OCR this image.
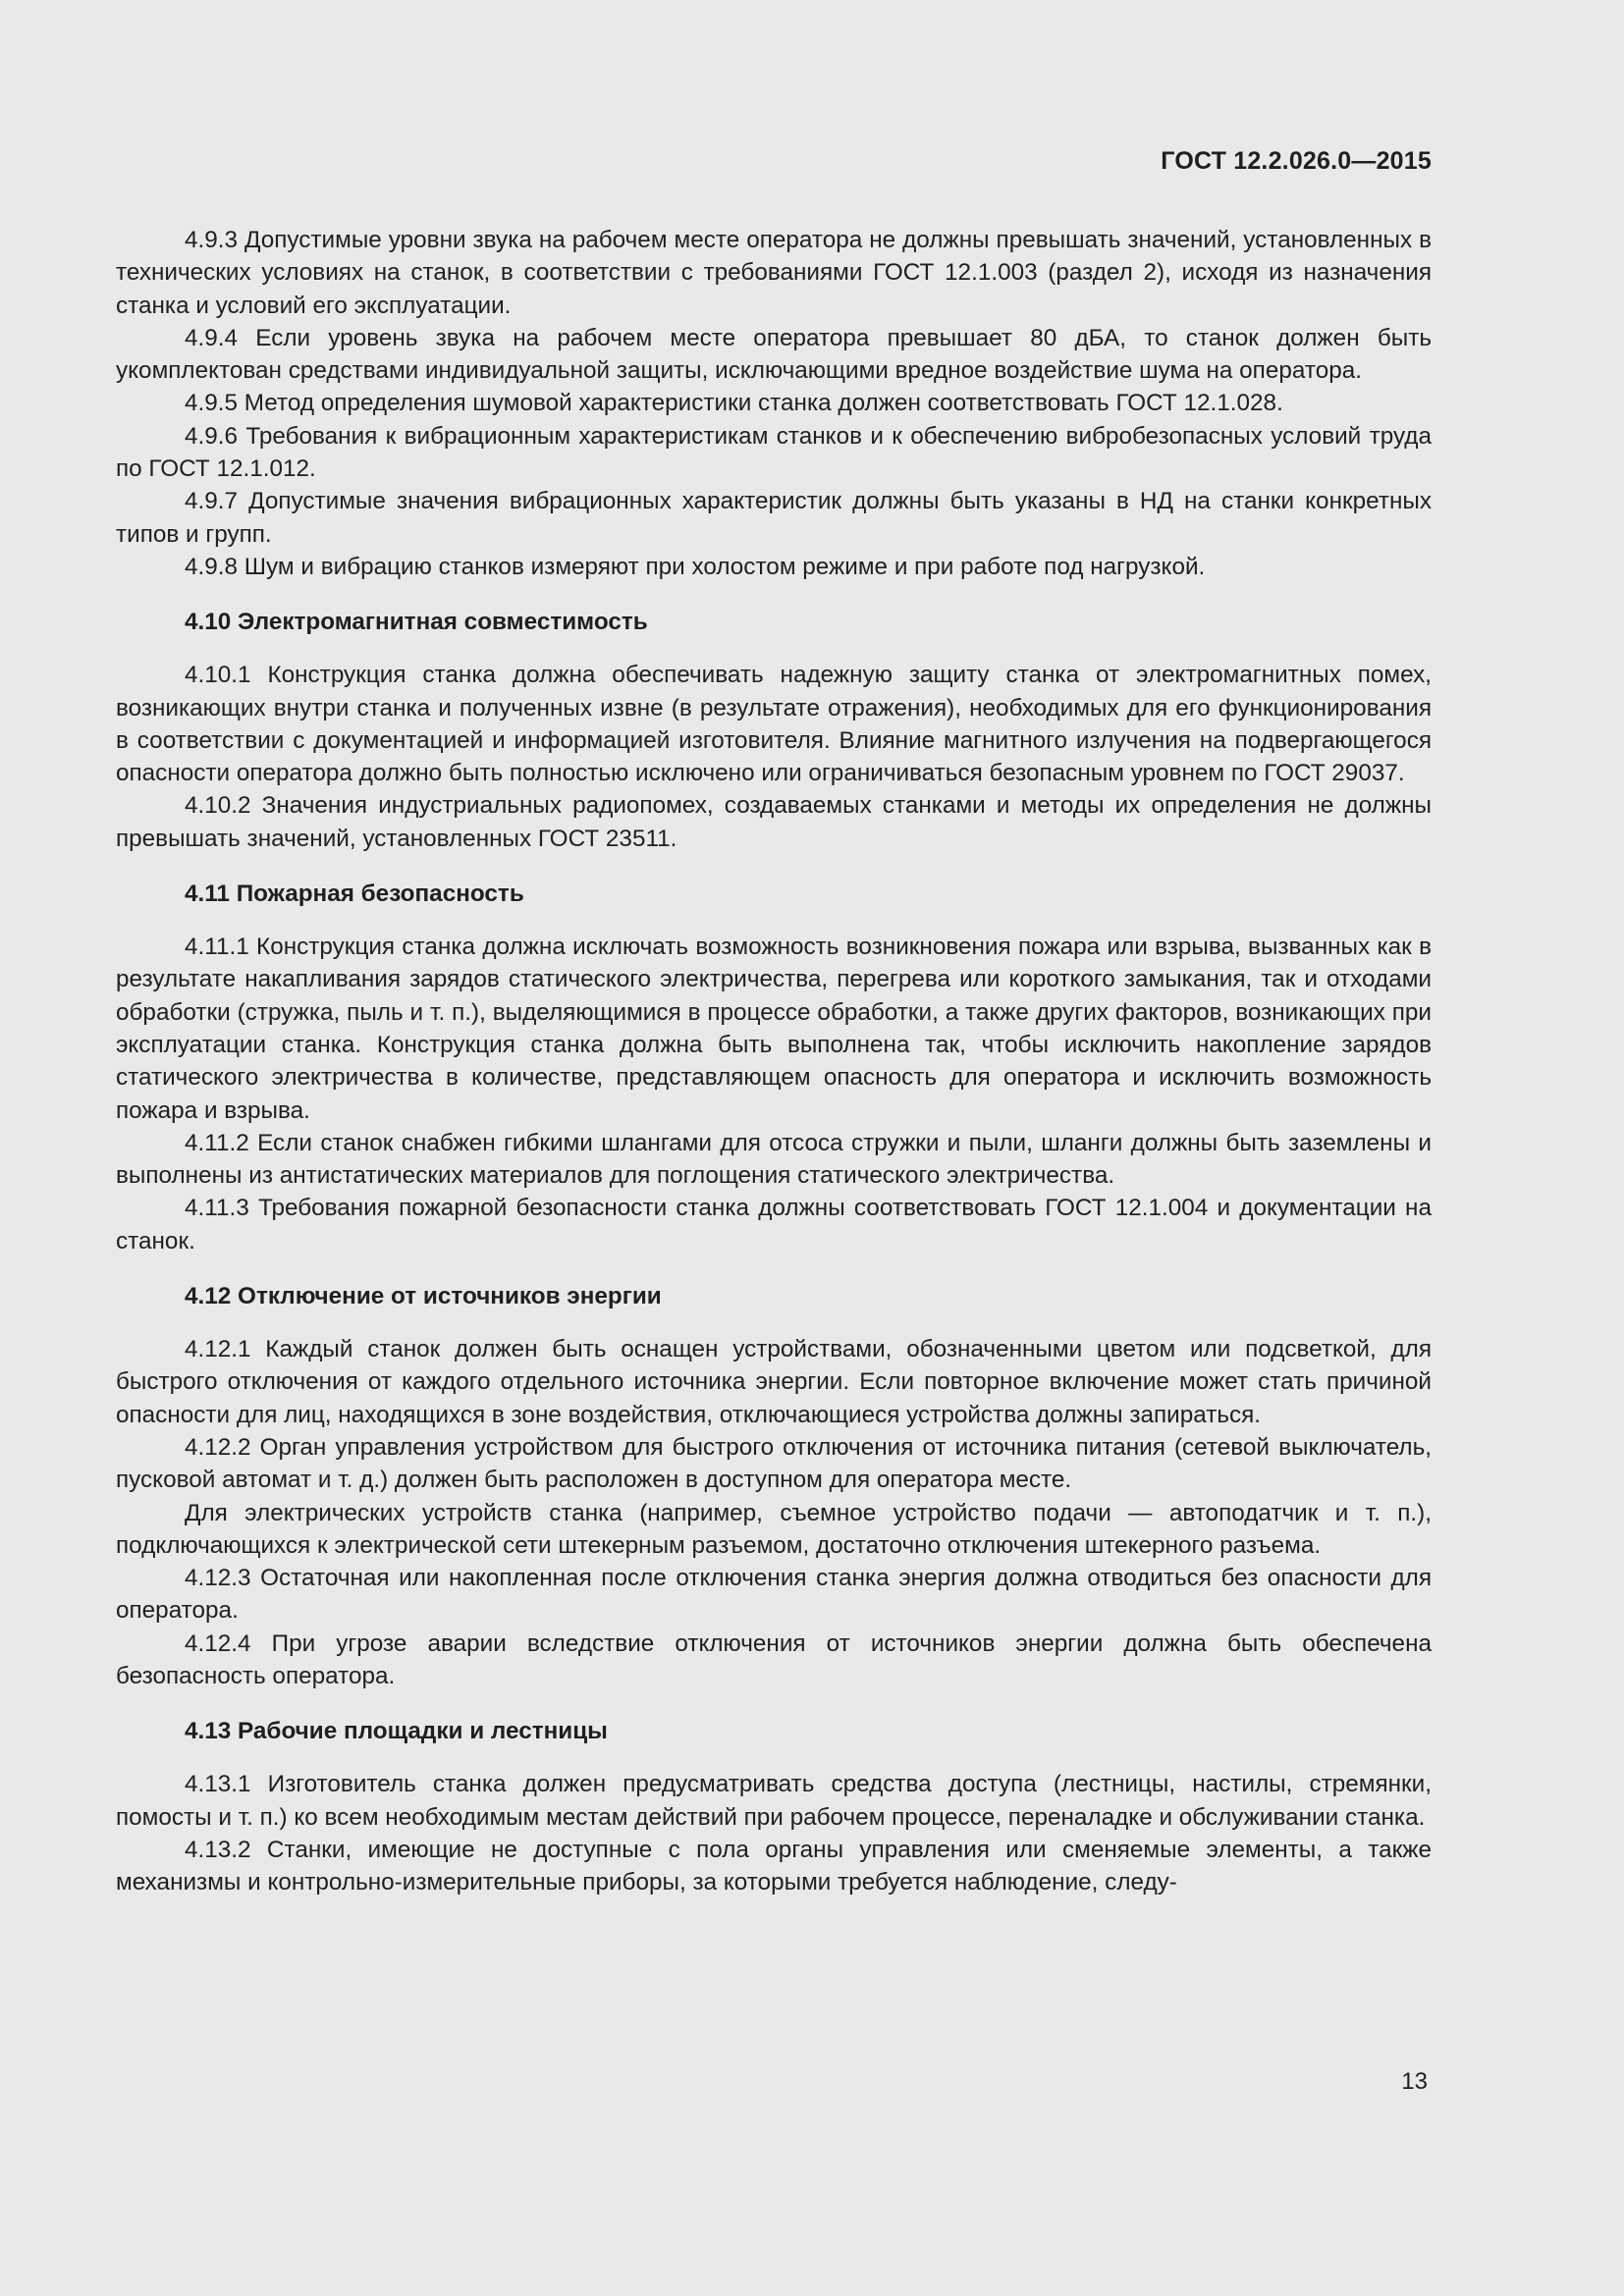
ГОСТ 12.2.026.0—2015

4.9.3 Допустимые уровни звука на рабочем месте оператора не должны превышать значений, установленных в технических условиях на станок, в соответствии с требованиями ГОСТ 12.1.003 (раздел 2), исходя из назначения станка и условий его эксплуатации.

4.9.4 Если уровень звука на рабочем месте оператора превышает 80 дБА, то станок должен быть укомплектован средствами индивидуальной защиты, исключающими вредное воздействие шума на оператора.

4.9.5 Метод определения шумовой характеристики станка должен соответствовать ГОСТ 12.1.028.

4.9.6 Требования к вибрационным характеристикам станков и к обеспечению вибробезопасных условий труда по ГОСТ 12.1.012.

4.9.7 Допустимые значения вибрационных характеристик должны быть указаны в НД на станки конкретных типов и групп.

4.9.8 Шум и вибрацию станков измеряют при холостом режиме и при работе под нагрузкой.

4.10 Электромагнитная совместимость

4.10.1 Конструкция станка должна обеспечивать надежную защиту станка от электромагнитных помех, возникающих внутри станка и полученных извне (в результате отражения), необходимых для его функционирования в соответствии с документацией и информацией изготовителя. Влияние магнитного излучения на подвергающегося опасности оператора должно быть полностью исключено или ограничиваться безопасным уровнем по ГОСТ 29037.

4.10.2 Значения индустриальных радиопомех, создаваемых станками и методы их определения не должны превышать значений, установленных ГОСТ 23511.

4.11 Пожарная безопасность

4.11.1 Конструкция станка должна исключать возможность возникновения пожара или взрыва, вызванных как в результате накапливания зарядов статического электричества, перегрева или короткого замыкания, так и отходами обработки (стружка, пыль и т. п.), выделяющимися в процессе обработки, а также других факторов, возникающих при эксплуатации станка. Конструкция станка должна быть выполнена так, чтобы исключить накопление зарядов статического электричества в количестве, представляющем опасность для оператора и исключить возможность пожара и взрыва.

4.11.2 Если станок снабжен гибкими шлангами для отсоса стружки и пыли, шланги должны быть заземлены и выполнены из антистатических материалов для поглощения статического электричества.

4.11.3 Требования пожарной безопасности станка должны соответствовать ГОСТ 12.1.004 и документации на станок.

4.12 Отключение от источников энергии

4.12.1 Каждый станок должен быть оснащен устройствами, обозначенными цветом или подсветкой, для быстрого отключения от каждого отдельного источника энергии. Если повторное включение может стать причиной опасности для лиц, находящихся в зоне воздействия, отключающиеся устройства должны запираться.

4.12.2 Орган управления устройством для быстрого отключения от источника питания (сетевой выключатель, пусковой автомат и т. д.) должен быть расположен в доступном для оператора месте.

Для электрических устройств станка (например, съемное устройство подачи — автоподатчик и т. п.), подключающихся к электрической сети штекерным разъемом, достаточно отключения штекерного разъема.

4.12.3 Остаточная или накопленная после отключения станка энергия должна отводиться без опасности для оператора.

4.12.4 При угрозе аварии вследствие отключения от источников энергии должна быть обеспечена безопасность оператора.

4.13 Рабочие площадки и лестницы

4.13.1 Изготовитель станка должен предусматривать средства доступа (лестницы, настилы, стремянки, помосты и т. п.) ко всем необходимым местам действий при рабочем процессе, переналадке и обслуживании станка.

4.13.2 Станки, имеющие не доступные с пола органы управления или сменяемые элементы, а также механизмы и контрольно-измерительные приборы, за которыми требуется наблюдение, следу-

13
